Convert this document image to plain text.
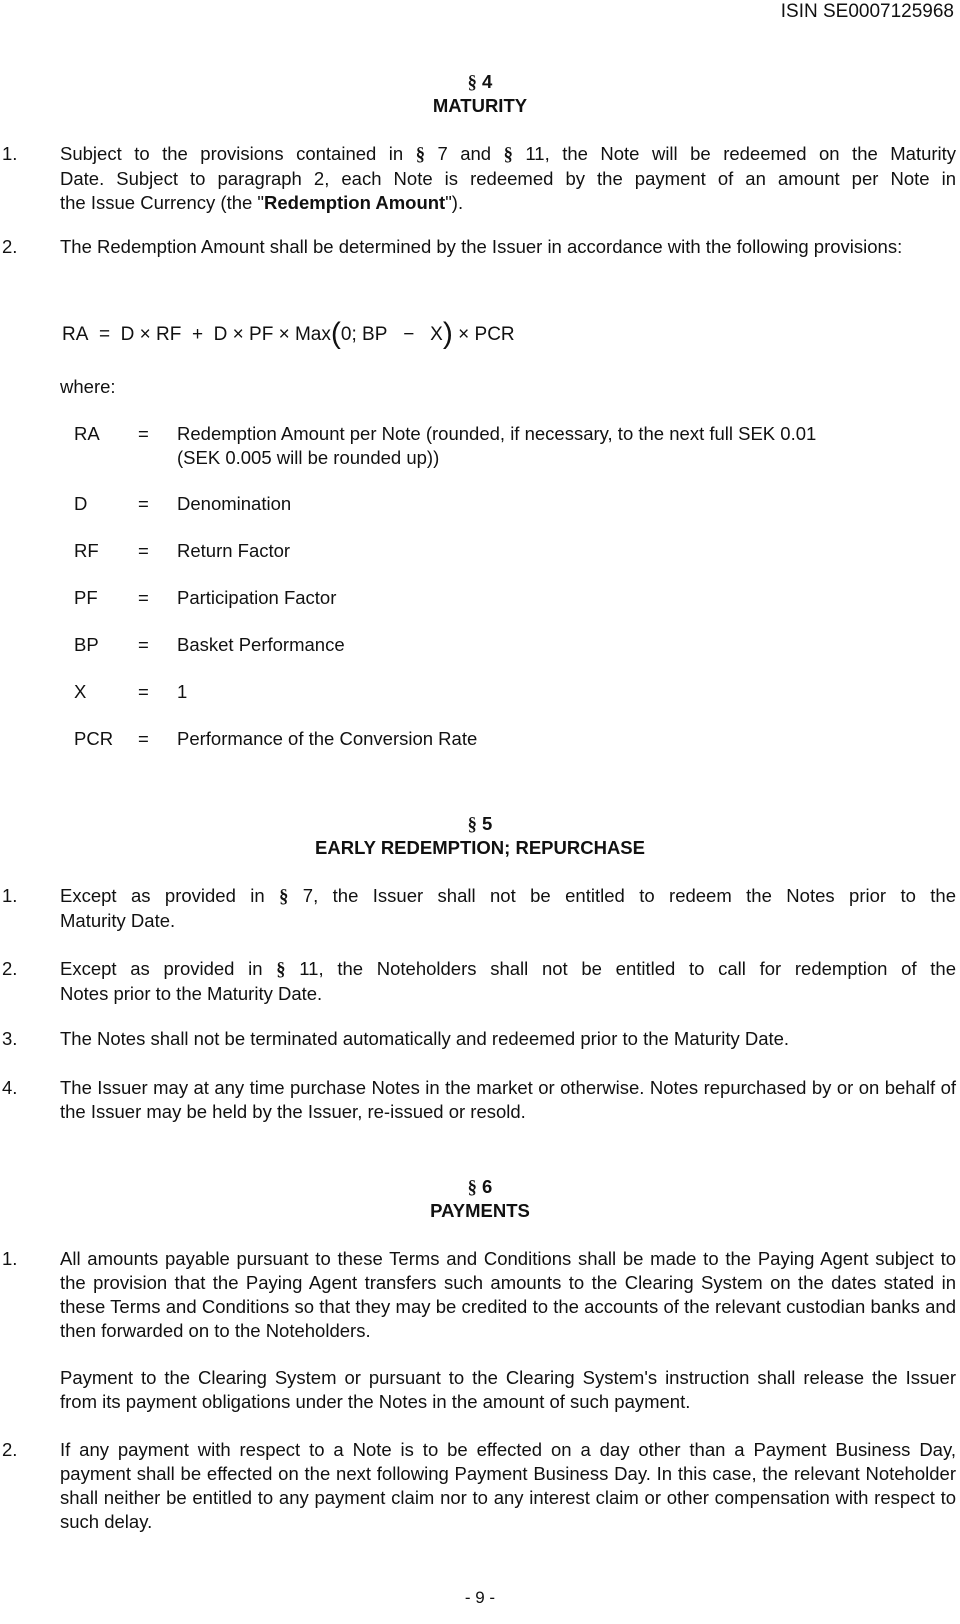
ISIN SE0007125968
§ 4
MATURITY
1. Subject to the provisions contained in § 7 and § 11, the Note will be redeemed on the Maturity
Date. Subject to paragraph 2, each Note is redeemed by the payment of an amount per Note in
the Issue Currency (the "Redemption Amount").
2. The Redemption Amount shall be determined by the Issuer in accordance with the following provisions:
RA = D × RF + D × PF × Max(0; BP − X) × PCR
where:
RA = Redemption Amount per Note (rounded, if necessary, to the next full SEK 0.01
(SEK 0.005 will be rounded up))
D	= Denomination
RF = Return Factor
PF = Participation Factor
BP = Basket Performance
X	= 1
PCR = Performance of the Conversion Rate
§ 5
EARLY REDEMPTION; REPURCHASE
1. Except as provided in § 7, the Issuer shall not be entitled to redeem the Notes prior to the
Maturity Date.
2. Except as provided in § 11, the Noteholders shall not be entitled to call for redemption of the
Notes prior to the Maturity Date.
3. The Notes shall not be terminated automatically and redeemed prior to the Maturity Date.
4. The Issuer may at any time purchase Notes in the market or otherwise. Notes repurchased by or on behalf of the Issuer may be held by the Issuer, re-issued or resold.
§ 6
PAYMENTS
1. All amounts payable pursuant to these Terms and Conditions shall be made to the Paying Agent subject to the provision that the Paying Agent transfers such amounts to the Clearing System on the dates stated in these Terms and Conditions so that they may be credited to the accounts of the relevant custodian banks and then forwarded on to the Noteholders.
Payment to the Clearing System or pursuant to the Clearing System's instruction shall release the Issuer from its payment obligations under the Notes in the amount of such payment.
2. If any payment with respect to a Note is to be effected on a day other than a Payment Business Day, payment shall be effected on the next following Payment Business Day. In this case, the relevant Noteholder shall neither be entitled to any payment claim nor to any interest claim or other compensation with respect to such delay.
- 9 -
